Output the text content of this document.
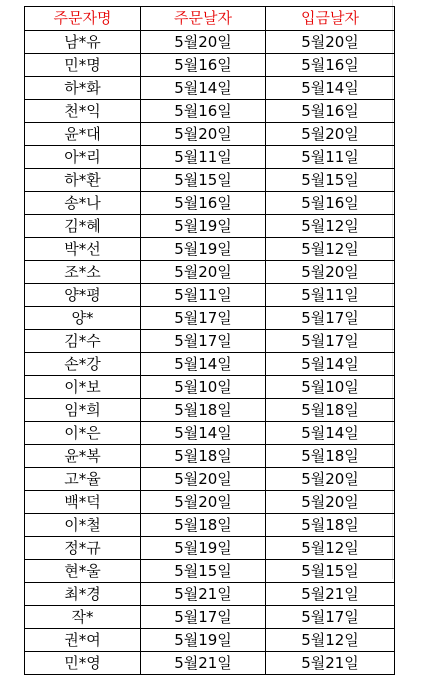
주문자명	주문날자	입금날자
남*유	5월20일	5월20일
민*명	5월16일	5월16일
하*화	5월14일	5월14일
천*익	5월16일	5월16일
윤*대	5월20일	5월20일
아*리	5월11일	5월11일
하*환	5월15일	5월15일
송*나	5월16일	5월16일
김*혜	5월19일	5월12일
박*선	5월19일	5월12일
조*소	5월20일	5월20일
양*평	5월11일	5월11일
양*	5월17일	5월17일
김*수	5월17일	5월17일
손*강	5월14일	5월14일
이*보	5월10일	5월10일
임*희	5월18일	5월18일
이*은	5월14일	5월14일
윤*복	5월18일	5월18일
고*율	5월20일	5월20일
백*덕	5월20일	5월20일
이*철	5월18일	5월18일
정*규	5월19일	5월12일
현*울	5월15일	5월15일
최*경	5월21일	5월21일
작*	5월17일	5월17일
권*여	5월19일	5월12일
민*영	5월21일	5월21일
